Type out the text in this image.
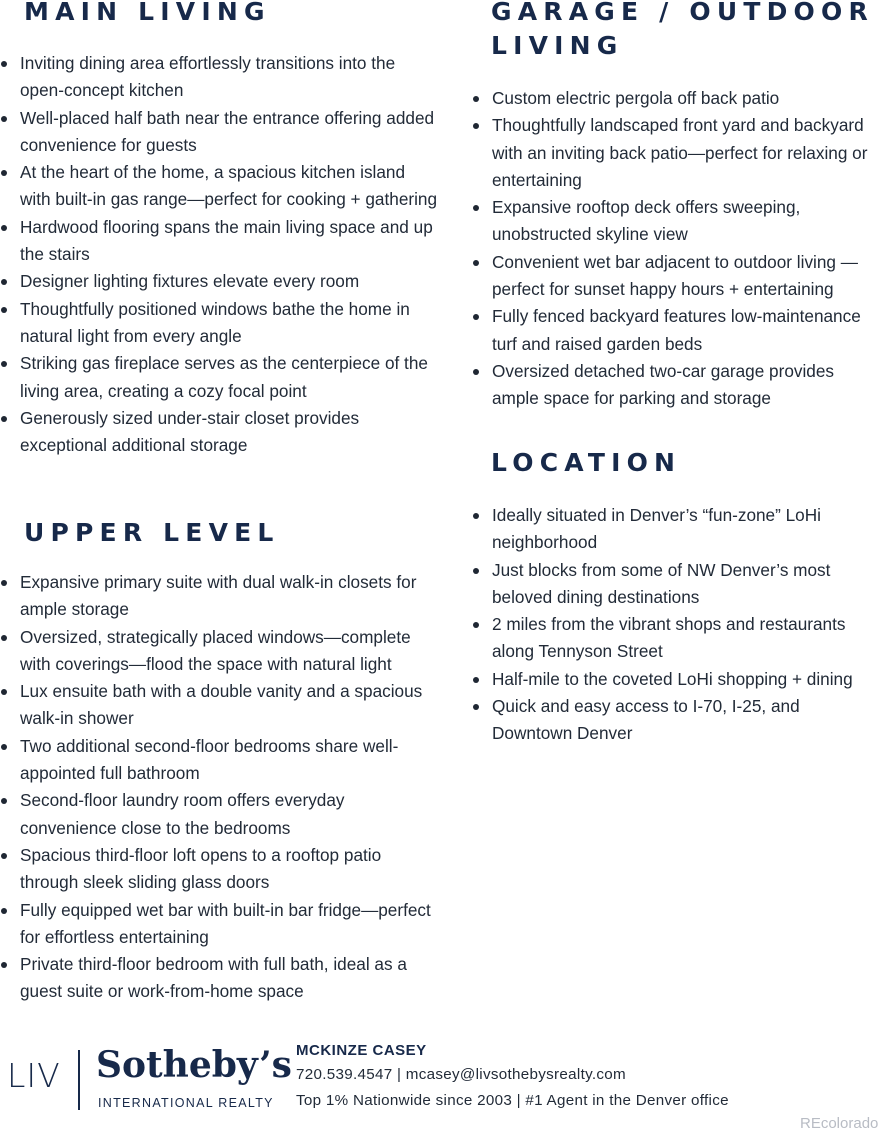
MAIN LIVING
Inviting dining area effortlessly transitions into the open-concept kitchen
Well-placed half bath near the entrance offering added convenience for guests
At the heart of the home, a spacious kitchen island with built-in gas range—perfect for cooking + gathering
Hardwood flooring spans the main living space and up the stairs
Designer lighting fixtures elevate every room
Thoughtfully positioned windows bathe the home in natural light from every angle
Striking gas fireplace serves as the centerpiece of the living area, creating a cozy focal point
Generously sized under-stair closet provides exceptional additional storage
UPPER LEVEL
Expansive primary suite with dual walk-in closets for ample storage
Oversized, strategically placed windows—complete with coverings—flood the space with natural light
Lux ensuite bath with a double vanity and a spacious walk-in shower
Two additional second-floor bedrooms share well-appointed full bathroom
Second-floor laundry room offers everyday convenience close to the bedrooms
Spacious third-floor loft opens to a rooftop patio through sleek sliding glass doors
Fully equipped wet bar with built-in bar fridge—perfect for effortless entertaining
Private third-floor bedroom with full bath, ideal as a guest suite or work-from-home space
GARAGE / OUTDOOR LIVING
Custom electric pergola off back patio
Thoughtfully landscaped front yard and backyard with an inviting back patio—perfect for relaxing or entertaining
Expansive rooftop deck offers sweeping, unobstructed skyline view
Convenient wet bar adjacent to outdoor living —perfect for sunset happy hours + entertaining
Fully fenced backyard features low-maintenance turf and raised garden beds
Oversized detached two-car garage provides ample space for parking and storage
LOCATION
Ideally situated in Denver’s “fun-zone” LoHi neighborhood
Just blocks from some of NW Denver’s most beloved dining destinations
2 miles from the vibrant shops and restaurants along Tennyson Street
Half-mile to the coveted LoHi shopping + dining
Quick and easy access to I-70, I-25, and Downtown Denver
LIV Sotheby’s
INTERNATIONAL REALTY
MCKINZE CASEY
720.539.4547 | mcasey@livsothebysrealty.com
Top 1% Nationwide since 2003 | #1 Agent in the Denver office
REcolorado
